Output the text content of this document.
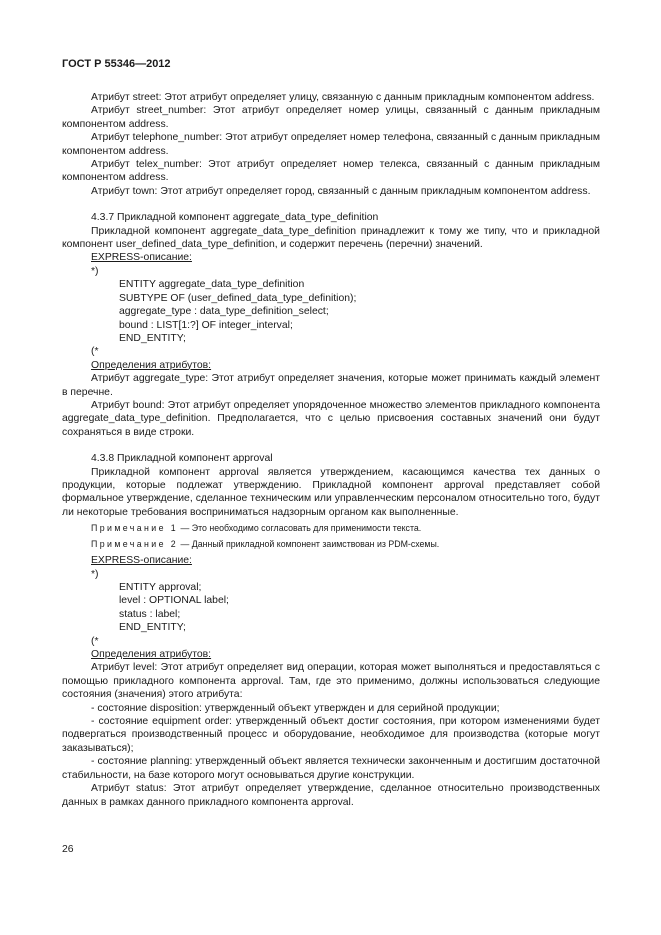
ГОСТ Р 55346—2012

Атрибут street: Этот атрибут определяет улицу, связанную с данным прикладным компонентом address.

Атрибут street_number: Этот атрибут определяет номер улицы, связанный с данным прикладным компонентом address.

Атрибут telephone_number: Этот атрибут определяет номер телефона, связанный с данным прикладным компонентом address.

Атрибут telex_number: Этот атрибут определяет номер телекса, связанный с данным прикладным компонентом address.

Атрибут town: Этот атрибут определяет город, связанный с данным прикладным компонентом address.

4.3.7 Прикладной компонент aggregate_data_type_definition

Прикладной компонент aggregate_data_type_definition принадлежит к тому же типу, что и прикладной компонент user_defined_data_type_definition, и содержит перечень (перечни) значений.

EXPRESS-описание:
*)
ENTITY aggregate_data_type_definition
SUBTYPE OF (user_defined_data_type_definition);
aggregate_type : data_type_definition_select;
bound : LIST[1:?] OF integer_interval;
END_ENTITY;
(*
Определения атрибутов:

Атрибут aggregate_type: Этот атрибут определяет значения, которые может принимать каждый элемент в перечне.

Атрибут bound: Этот атрибут определяет упорядоченное множество элементов прикладного компонента aggregate_data_type_definition. Предполагается, что с целью присвоения составных значений они будут сохраняться в виде строки.

4.3.8 Прикладной компонент approval

Прикладной компонент approval является утверждением, касающимся качества тех данных о продукции, которые подлежат утверждению. Прикладной компонент approval представляет собой формальное утверждение, сделанное техническим или управленческим персоналом относительно того, будут ли некоторые требования восприниматься надзорным органом как выполненные.

Примечание 1 — Это необходимо согласовать для применимости текста.

Примечание 2 — Данный прикладной компонент заимствован из PDM-схемы.

EXPRESS-описание:
*)
ENTITY approval;
level : OPTIONAL label;
status : label;
END_ENTITY;
(*
Определения атрибутов:

Атрибут level: Этот атрибут определяет вид операции, которая может выполняться и предоставляться с помощью прикладного компонента approval. Там, где это применимо, должны использоваться следующие состояния (значения) этого атрибута:

- состояние disposition: утвержденный объект утвержден и для серийной продукции;

- состояние equipment order: утвержденный объект достиг состояния, при котором изменениями будет подвергаться производственный процесс и оборудование, необходимое для производства (которые могут заказываться);

- состояние planning: утвержденный объект является технически законченным и достигшим достаточной стабильности, на базе которого могут основываться другие конструкции.

Атрибут status: Этот атрибут определяет утверждение, сделанное относительно производственных данных в рамках данного прикладного компонента approval.

26
